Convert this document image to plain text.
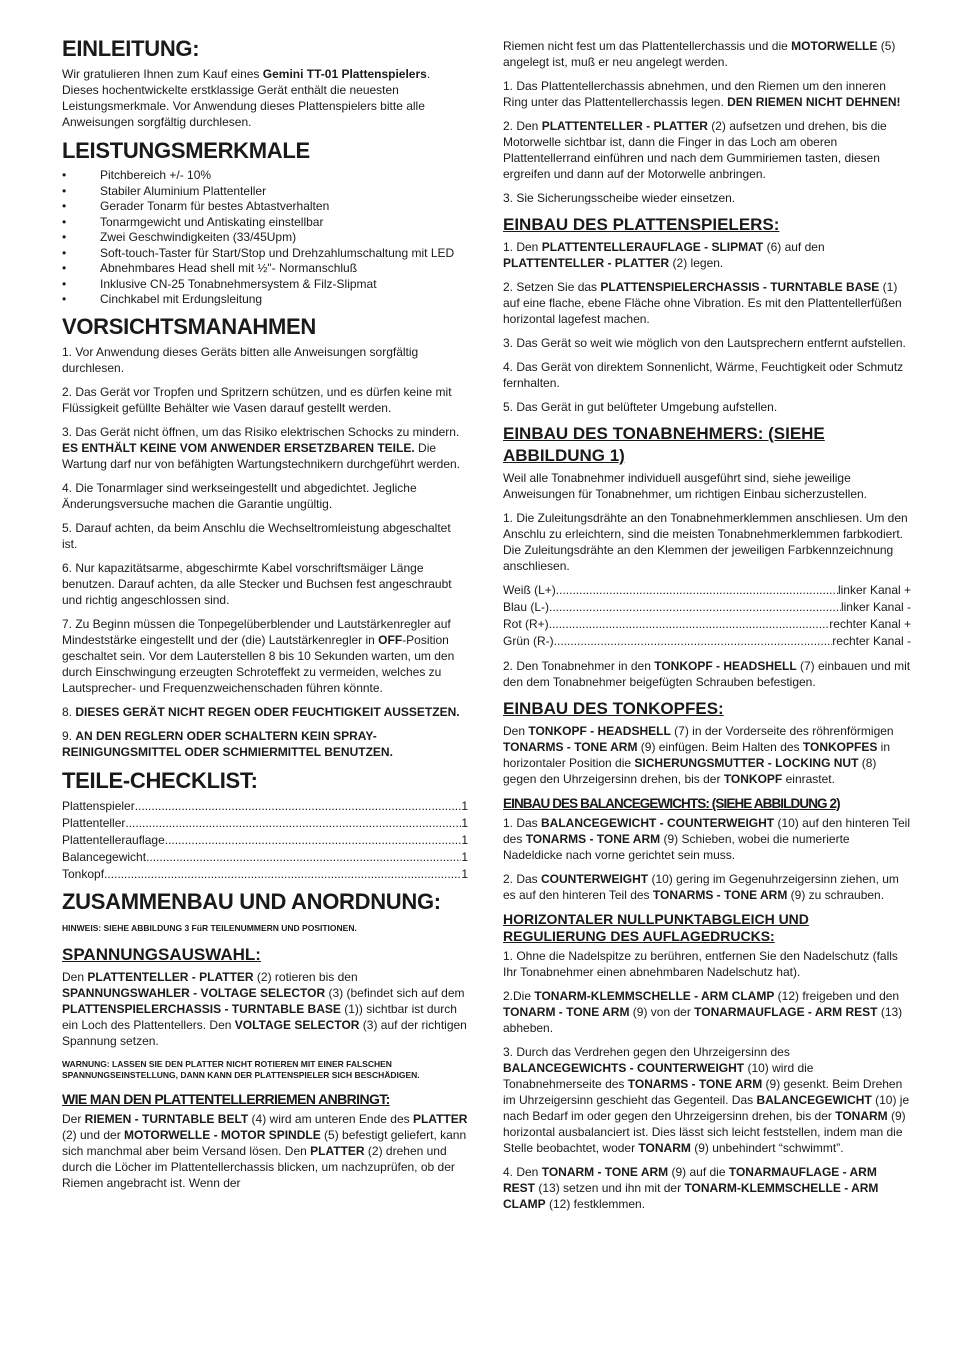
EINLEITUNG:

Wir gratulieren Ihnen zum Kauf eines Gemini TT-01 Plattenspielers. Dieses hochentwickelte erstklassige Gerät enthält die neuesten Leistungsmerkmale. Vor Anwendung dieses Plattenspielers bitte alle Anweisungen sorgfältig durchlesen.

LEISTUNGSMERKMALE
• Pitchbereich +/- 10%
• Stabiler Aluminium Plattenteller
• Gerader Tonarm für bestes Abtastverhalten
• Tonarmgewicht und Antiskating einstellbar
• Zwei Geschwindigkeiten (33/45Upm)
• Soft-touch-Taster für Start/Stop und Drehzahlumschaltung mit LED
• Abnehmbares Head shell mit ½"- Normanschluß
• Inklusive CN-25 Tonabnehmersystem & Filz-Slipmat
• Cinchkabel mit Erdungsleitung
VORSICHTSMANAHMEN

1. Vor Anwendung dieses Geräts bitten alle Anweisungen sorgfältig durchlesen.

2. Das Gerät vor Tropfen und Spritzern schützen, und es dürfen keine mit Flüssigkeit gefüllte Behälter wie Vasen darauf gestellt werden.

3. Das Gerät nicht öffnen, um das Risiko elektrischen Schocks zu mindern. ES ENTHÄLT KEINE VOM ANWENDER ERSETZBAREN TEILE. Die Wartung darf nur von befähigten Wartungstechnikern durchgeführt werden.

4. Die Tonarmlager sind werkseingestellt und abgedichtet. Jegliche Änderungsversuche machen die Garantie ungültig.

5. Darauf achten, da beim Anschlu die Wechseltromleistung abgeschaltet ist.

6. Nur kapazitätsarme, abgeschirmte Kabel vorschriftsmäiger Länge benutzen. Darauf achten, da alle Stecker und Buchsen fest angeschraubt und richtig angeschlossen sind.

7. Zu Beginn müssen die Tonpegelüberblender und Lautstärkenregler auf Mindeststärke eingestellt und der (die) Lautstärkenregler in OFF-Position geschaltet sein. Vor dem Lauterstellen 8 bis 10 Sekunden warten, um den durch Einschwingung erzeugten Schroteffekt zu vermeiden, welches zu Lautsprecher- und Frequenzweichenschaden führen könnte.

8. DIESES GERÄT NICHT REGEN ODER FEUCHTIGKEIT AUSSETZEN.

9. AN DEN REGLERN ODER SCHALTERN KEIN SPRAY-REINIGUNGSMITTEL ODER SCHMIERMITTEL BENUTZEN.

TEILE-CHECKLIST:
Plattenspieler .....	1
Plattenteller .....	1
Plattentellerauflage .....	1
Balancegewicht .....	1
Tonkopf .....	1
ZUSAMMENBAU UND ANORDNUNG:
HINWEIS: SIEHE ABBILDUNG 3 FüR TEILENUMMERN UND POSITIONEN.
SPANNUNGSAUSWAHL:

Den PLATTENTELLER - PLATTER (2) rotieren bis den SPANNUNGSWAHLER - VOLTAGE SELECTOR (3) (befindet sich auf dem PLATTENSPIELERCHASSIS - TURNTABLE BASE (1)) sichtbar ist durch ein Loch des Plattentellers. Den VOLTAGE SELECTOR (3) auf der richtigen Spannung setzen.

WARNUNG: LASSEN SIE DEN PLATTER NICHT ROTIEREN MIT EINER FALSCHEN SPANNUNGSEINSTELLUNG, DANN KANN DER PLATTENSPIELER SICH BESCHÄDIGEN.
WIE MAN DEN PLATTENTELLERRIEMEN ANBRINGT:

Der RIEMEN - TURNTABLE BELT (4) wird am unteren Ende des PLATTER (2) und der MOTORWELLE - MOTOR SPINDLE (5) befestigt geliefert, kann sich manchmal aber beim Versand lösen. Den PLATTER (2) drehen und durch die Löcher im Plattentellerchassis blicken, um nachzuprüfen, ob der Riemen angebracht ist. Wenn der

Riemen nicht fest um das Plattentellerchassis und die MOTORWELLE (5) angelegt ist, muß er neu angelegt werden.

1. Das Plattentellerchassis abnehmen, und den Riemen um den inneren Ring unter das Plattentellerchassis legen. DEN RIEMEN NICHT DEHNEN!

2. Den PLATTENTELLER - PLATTER (2) aufsetzen und drehen, bis die Motorwelle sichtbar ist, dann die Finger in das Loch am oberen Plattentellerrand einführen und nach dem Gummiriemen tasten, diesen ergreifen und dann auf der Motorwelle anbringen.

3. Sie Sicherungsscheibe wieder einsetzen.

EINBAU DES PLATTENSPIELERS:

1. Den PLATTENTELLERAUFLAGE - SLIPMAT (6) auf den PLATTENTELLER - PLATTER (2) legen.

2. Setzen Sie das PLATTENSPIELERCHASSIS - TURNTABLE BASE (1) auf eine flache, ebene Fläche ohne Vibration. Es mit den Plattentellerfüßen horizontal lagefest machen.

3. Das Gerät so weit wie möglich von den Lautsprechern entfernt aufstellen.

4. Das Gerät von direktem Sonnenlicht, Wärme, Feuchtigkeit oder Schmutz fernhalten.

5. Das Gerät in gut belüfteter Umgebung aufstellen.

EINBAU DES TONABNEHMERS: (SIEHE ABBILDUNG 1)

Weil alle Tonabnehmer individuell ausgeführt sind, siehe jeweilige Anweisungen für Tonabnehmer, um richtigen Einbau sicherzustellen.

1. Die Zuleitungsdrähte an den Tonabnehmerklemmen anschliesen. Um den Anschlu zu erleichtern, sind die meisten Tonabnehmerklemmen farbkodiert. Die Zuleitungsdrähte an den Klemmen der jeweiligen Farbkennzeichnung anschliesen.

Weiß (L+) .....	linker Kanal +
Blau (L-) .....	linker Kanal -
Rot (R+) .....	rechter Kanal +
Grün (R-) .....	rechter Kanal -

2. Den Tonabnehmer in den TONKOPF - HEADSHELL (7) einbauen und mit den dem Tonabnehmer beigefügten Schrauben befestigen.

EINBAU DES TONKOPFES:

Den TONKOPF - HEADSHELL (7) in der Vorderseite des röhrenförmigen TONARMS - TONE ARM (9) einfügen. Beim Halten des TONKOPFES in horizontaler Position die SICHERUNGSMUTTER - LOCKING NUT (8) gegen den Uhrzeigersinn drehen, bis der TONKOPF einrastet.

EINBAU DES BALANCEGEWICHTS: (SIEHE ABBILDUNG 2)

1. Das BALANCEGEWICHT - COUNTERWEIGHT (10) auf den hinteren Teil des TONARMS - TONE ARM (9) Schieben, wobei die numerierte Nadeldicke nach vorne gerichtet sein muss.

2. Das COUNTERWEIGHT (10) gering im Gegenuhrzeigersinn ziehen, um es auf den hinteren Teil des TONARMS - TONE ARM (9) zu schrauben.

HORIZONTALER NULLPUNKTABGLEICH UND REGULIERUNG DES AUFLAGEDRUCKS:

1. Ohne die Nadelspitze zu berühren, entfernen Sie den Nadelschutz (falls Ihr Tonabnehmer einen abnehmbaren Nadelschutz hat).

2.Die TONARM-KLEMMSCHELLE - ARM CLAMP (12) freigeben und den TONARM - TONE ARM (9) von der TONARMAUFLAGE - ARM REST (13) abheben.

3. Durch das Verdrehen gegen den Uhrzeigersinn des BALANCEGEWICHTS - COUNTERWEIGHT (10) wird die Tonabnehmerseite des TONARMS - TONE ARM (9) gesenkt. Beim Drehen im Uhrzeigersinn geschieht das Gegenteil. Das BALANCEGEWICHT (10) je nach Bedarf im oder gegen den Uhrzeigersinn drehen, bis der TONARM (9) horizontal ausbalanciert ist. Dies lässt sich leicht feststellen, indem man die Stelle beobachtet, woder TONARM (9) unbehindert “schwimmt”.

4. Den TONARM - TONE ARM (9) auf die TONARMAUFLAGE - ARM REST (13) setzen und ihn mit der TONARM-KLEMMSCHELLE - ARM CLAMP (12) festklemmen.
